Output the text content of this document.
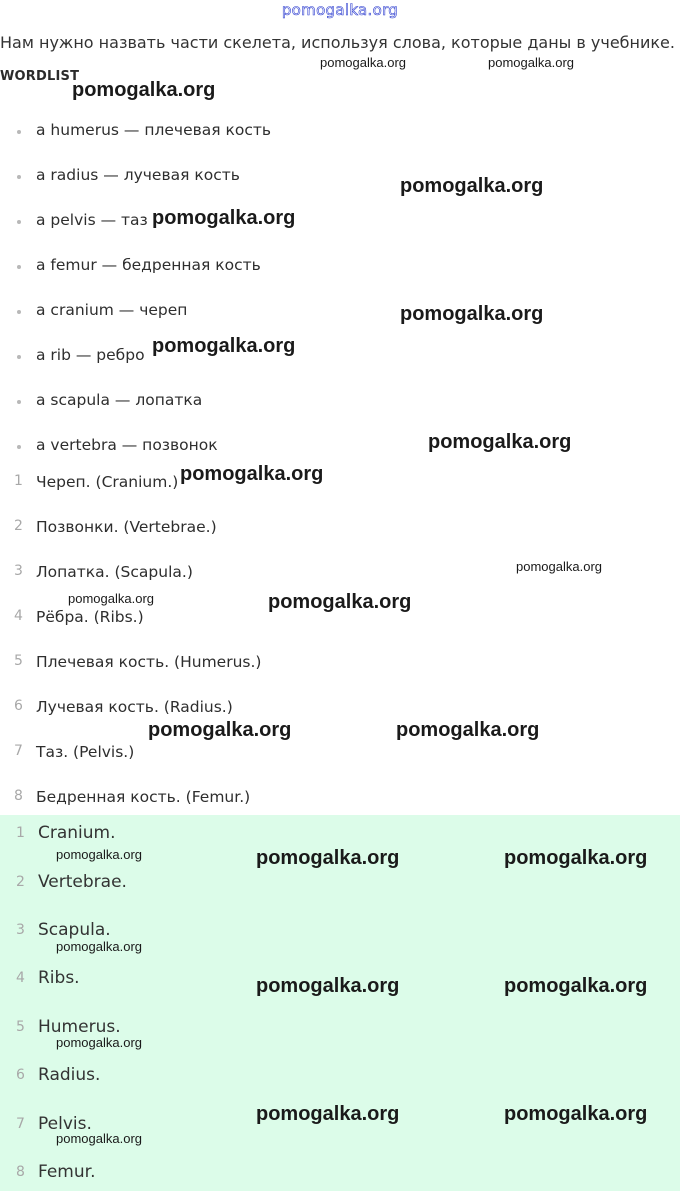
pomogalka.org
Нам нужно назвать части скелета, используя слова, которые даны в учебнике.
WORDLIST
a humerus — плечевая кость
a radius — лучевая кость
a pelvis — таз
a femur — бедренная кость
a cranium — череп
a rib — ребро
a scapula — лопатка
a vertebra — позвонок
1 Череп. (Cranium.)
2 Позвонки. (Vertebrae.)
3 Лопатка. (Scapula.)
4 Рёбра. (Ribs.)
5 Плечевая кость. (Humerus.)
6 Лучевая кость. (Radius.)
7 Таз. (Pelvis.)
8 Бедренная кость. (Femur.)
1 Cranium.
2 Vertebrae.
3 Scapula.
4 Ribs.
5 Humerus.
6 Radius.
7 Pelvis.
8 Femur.
pomogalka.org	pomogalka.org
pomogalka.org
pomogalka.org
pomogalka.org
pomogalka.org
pomogalka.org
pomogalka.org
pomogalka.org
pomogalka.org
pomogalka.org	pomogalka.org
pomogalka.org	pomogalka.org
pomogalka.org	pomogalka.org	pomogalka.org
pomogalka.org
pomogalka.org	pomogalka.org
pomogalka.org
pomogalka.org	pomogalka.org
pomogalka.org
